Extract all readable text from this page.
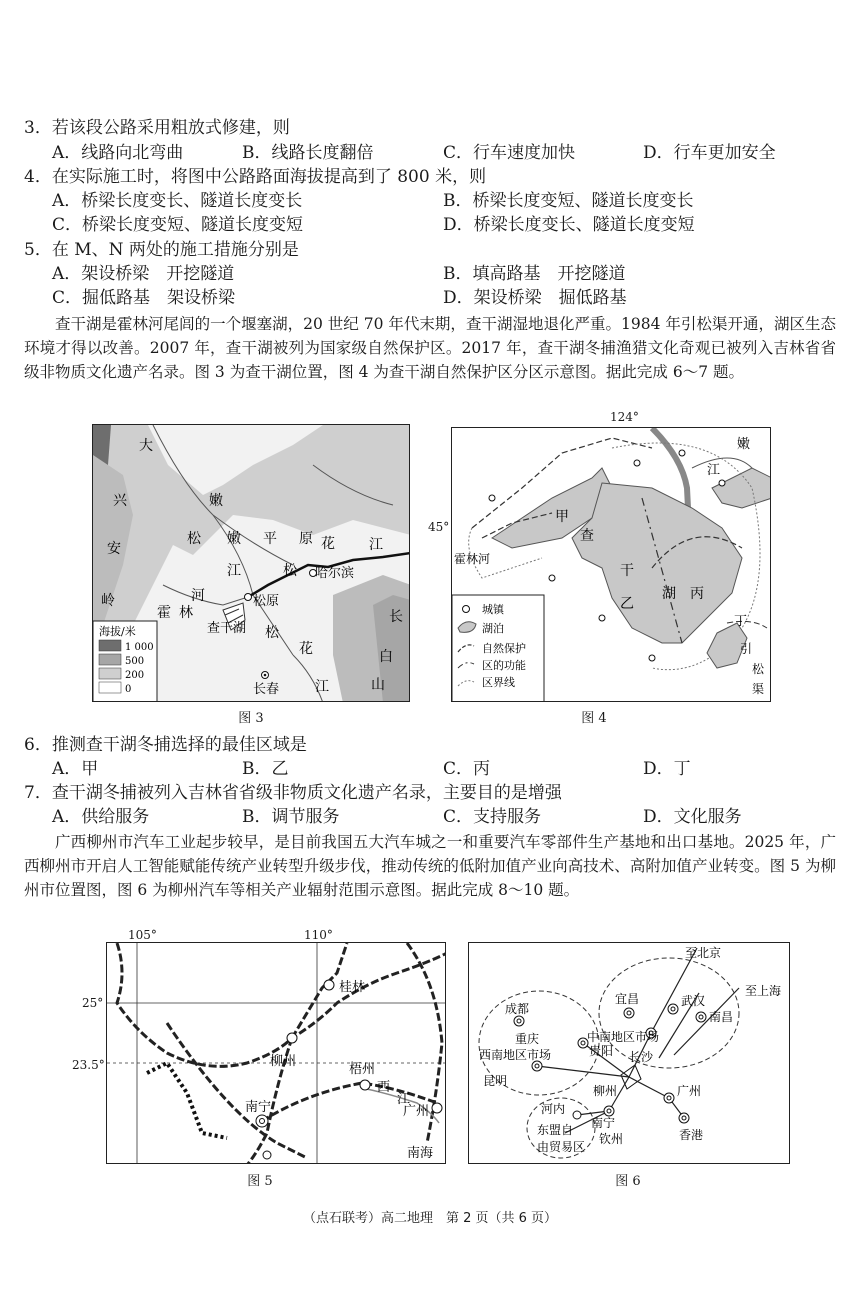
3．若该段公路采用粗放式修建，则
A．线路向北弯曲	B．线路长度翻倍	C．行车速度加快	D．行车更加安全
4．在实际施工时，将图中公路路面海拔提高到了 800 米，则
A．桥梁长度变长、隧道长度变长	B．桥梁长度变短、隧道长度变长
C．桥梁长度变短、隧道长度变短	D．桥梁长度变长、隧道长度变短
5．在 M、N 两处的施工措施分别是
A．架设桥梁　开挖隧道	B．填高路基　开挖隧道
C．掘低路基　架设桥梁	D．架设桥梁　掘低路基
查干湖是霍林河尾闾的一个堰塞湖，20 世纪 70 年代末期，查干湖湿地退化严重。1984 年引松渠开通，湖区生态环境才得以改善。2007 年，查干湖被列为国家级自然保护区。2017 年，查干湖冬捕渔猎文化奇观已被列入吉林省省级非物质文化遗产名录。图 3 为查干湖位置，图 4 为查干湖自然保护区分区示意图。据此完成 6～7 题。
大
兴
安
岭
嫩
松 嫩 平 原
江	松
花 江
哈尔滨
河
霍 林
松原
查干湖 松
花
江
长
白
山
长春
海拔/米
1 000
500
200
0
图 3
124°
45°
嫩
江
甲
查
干
乙
湖 丙
丁
霍林河
引
松
渠
城镇
湖泊
自然保护
区的功能
区界线
图 4
6．推测查干湖冬捕选择的最佳区域是
A．甲	B．乙	C．丙	D．丁
7．查干湖冬捕被列入吉林省省级非物质文化遗产名录，主要目的是增强
A．供给服务	B．调节服务	C．支持服务	D．文化服务
广西柳州市汽车工业起步较早，是目前我国五大汽车城之一和重要汽车零部件生产基地和出口基地。2025 年，广西柳州市开启人工智能赋能传统产业转型升级步伐，推动传统的低附加值产业向高技术、高附加值产业转变。图 5 为柳州市位置图，图 6 为柳州汽车等相关产业辐射范围示意图。据此完成 8～10 题。
105°	110°
25°
23.5°
桂林
柳州
梧州
南宁
西
江
广州
南海
图 5
至北京
至上海
宜昌	武汉
中南地区市场
长沙
南昌
成都
重庆
西南地区市场	贵阳
昆明
柳州	广州
南宁
香港
钦州
河内
东盟自
由贸易区
图 6
（点石联考）高二地理　第 2 页（共 6 页）
